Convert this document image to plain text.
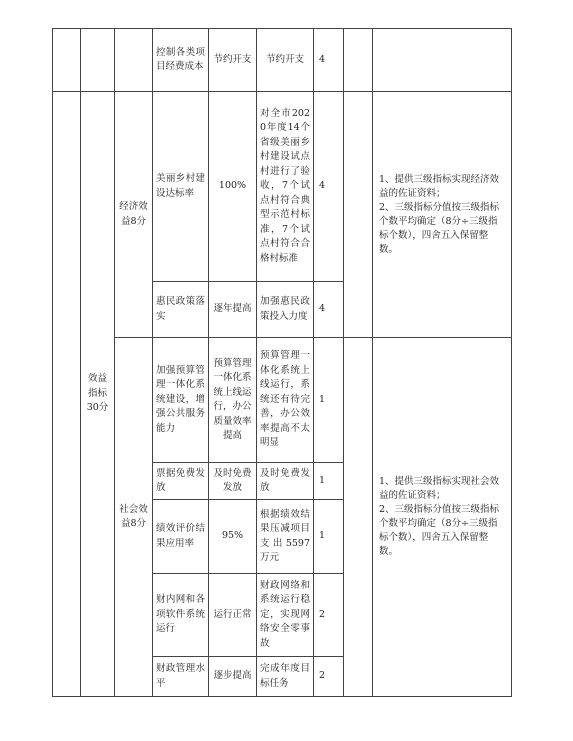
			控制各类项目经费成本	节约开支	节约开支	4		
	效益指标30分	经济效益8分	美丽乡村建设达标率	100%	对全市2020年度14个省级美丽乡村建设试点村进行了验收，7个试点村符合典型示范村标准，7个试点村符合合格村标准	4		1、提供三级指标实现经济效益的佐证资料；
2、三级指标分值按三级指标个数平均确定（8分÷三级指标个数），四舍五入保留整数。
			惠民政策落实	逐年提高	加强惠民政策投入力度	4		
		社会效益8分	加强预算管理一体化系统建设，增强公共服务能力	预算管理一体化系统上线运行，办公质量效率提高	预算管理一体化系统上线运行，系统还有待完善，办公效率提高不太明显	1		1、提供三级指标实现社会效益的佐证资料；
2、三级指标分值按三级指标个数平均确定（8分÷三级指标个数），四舍五入保留整数。
			票据免费发放	及时免费发放	及时免费发放	1		
			绩效评价结果应用率	95%	根据绩效结果压减项目支出5597万元	1		
			财内网和各项软件系统运行	运行正常	财政网络和系统运行稳定，实现网络安全零事故	2		
			财政管理水平	逐步提高	完成年度目标任务	2		
